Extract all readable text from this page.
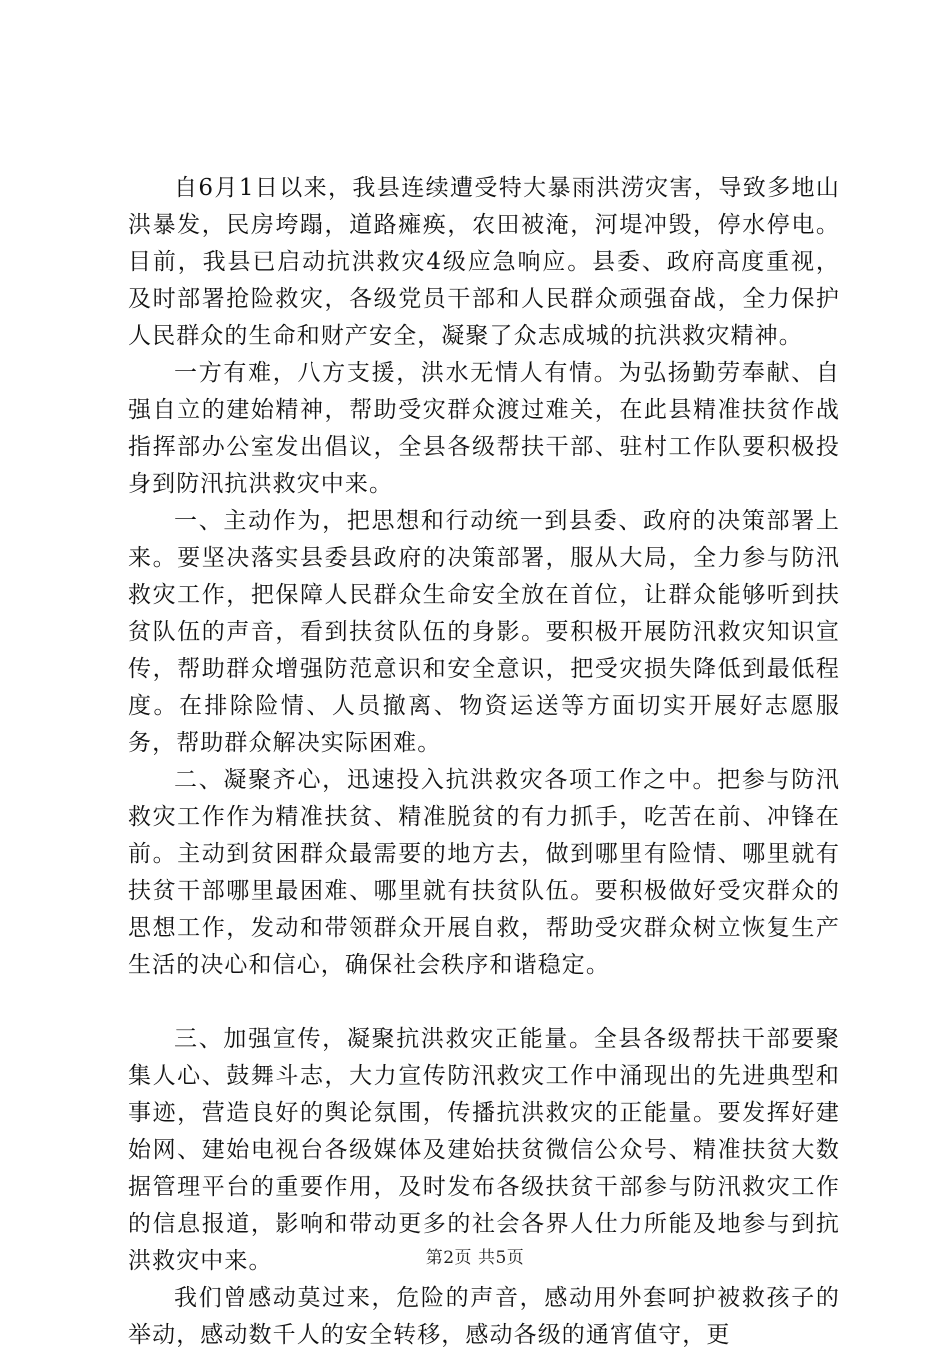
自6月1日以来，我县连续遭受特大暴雨洪涝灾害，导致多地山洪暴发，民房垮蹋，道路瘫痪，农田被淹，河堤冲毁，停水停电。目前，我县已启动抗洪救灾4级应急响应。县委、政府高度重视，及时部署抢险救灾，各级党员干部和人民群众顽强奋战，全力保护人民群众的生命和财产安全，凝聚了众志成城的抗洪救灾精神。

一方有难，八方支援，洪水无情人有情。为弘扬勤劳奉献、自强自立的建始精神，帮助受灾群众渡过难关，在此县精准扶贫作战指挥部办公室发出倡议，全县各级帮扶干部、驻村工作队要积极投身到防汛抗洪救灾中来。

一、主动作为，把思想和行动统一到县委、政府的决策部署上来。要坚决落实县委县政府的决策部署，服从大局，全力参与防汛救灾工作，把保障人民群众生命安全放在首位，让群众能够听到扶贫队伍的声音，看到扶贫队伍的身影。要积极开展防汛救灾知识宣传，帮助群众增强防范意识和安全意识，把受灾损失降低到最低程度。在排除险情、人员撤离、物资运送等方面切实开展好志愿服务，帮助群众解决实际困难。

二、凝聚齐心，迅速投入抗洪救灾各项工作之中。把参与防汛救灾工作作为精准扶贫、精准脱贫的有力抓手，吃苦在前、冲锋在前。主动到贫困群众最需要的地方去，做到哪里有险情、哪里就有扶贫干部哪里最困难、哪里就有扶贫队伍。要积极做好受灾群众的思想工作，发动和带领群众开展自救，帮助受灾群众树立恢复生产生活的决心和信心，确保社会秩序和谐稳定。

三、加强宣传，凝聚抗洪救灾正能量。全县各级帮扶干部要聚集人心、鼓舞斗志，大力宣传防汛救灾工作中涌现出的先进典型和事迹，营造良好的舆论氛围，传播抗洪救灾的正能量。要发挥好建始网、建始电视台各级媒体及建始扶贫微信公众号、精准扶贫大数据管理平台的重要作用，及时发布各级扶贫干部参与防汛救灾工作的信息报道，影响和带动更多的社会各界人仕力所能及地参与到抗洪救灾中来。

我们曾感动莫过来，危险的声音，感动用外套呵护被救孩子的举动，感动数千人的安全转移，感动各级的通宵值守，更

第2页 共5页
